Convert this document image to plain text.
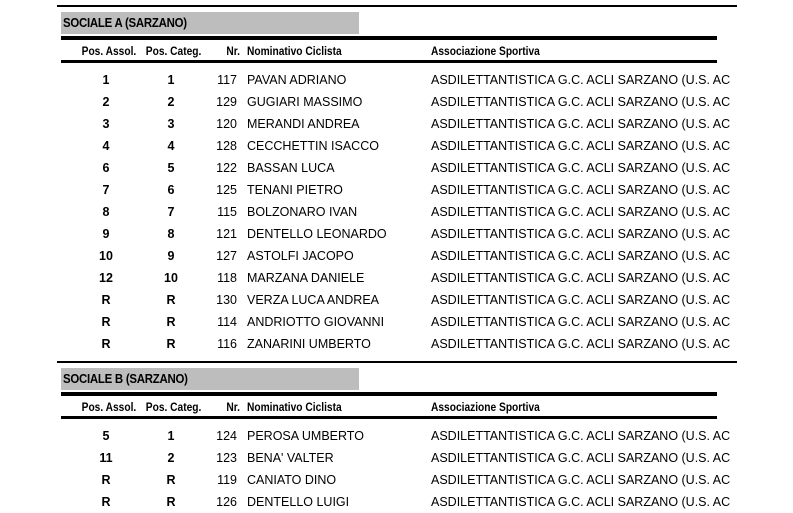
SOCIALE A (SARZANO)
Pos. Assol. Pos. Categ. Nr. Nominativo Ciclista	Associazione Sportiva
1	1	117 PAVAN ADRIANO	ASDILETTANTISTICA G.C. ACLI SARZANO (U.S. AC
2	2	129 GUGIARI MASSIMO	ASDILETTANTISTICA G.C. ACLI SARZANO (U.S. AC
3	3	120 MERANDI ANDREA	ASDILETTANTISTICA G.C. ACLI SARZANO (U.S. AC
4	4	128 CECCHETTIN ISACCO	ASDILETTANTISTICA G.C. ACLI SARZANO (U.S. AC
6	5	122 BASSAN LUCA	ASDILETTANTISTICA G.C. ACLI SARZANO (U.S. AC
7	6	125 TENANI PIETRO	ASDILETTANTISTICA G.C. ACLI SARZANO (U.S. AC
8	7	115 BOLZONARO IVAN	ASDILETTANTISTICA G.C. ACLI SARZANO (U.S. AC
9	8	121 DENTELLO LEONARDO	ASDILETTANTISTICA G.C. ACLI SARZANO (U.S. AC
10	9	127 ASTOLFI JACOPO	ASDILETTANTISTICA G.C. ACLI SARZANO (U.S. AC
12	10	118 MARZANA DANIELE	ASDILETTANTISTICA G.C. ACLI SARZANO (U.S. AC
R	R	130 VERZA LUCA ANDREA	ASDILETTANTISTICA G.C. ACLI SARZANO (U.S. AC
R	R	114 ANDRIOTTO GIOVANNI	ASDILETTANTISTICA G.C. ACLI SARZANO (U.S. AC
R	R	116 ZANARINI UMBERTO	ASDILETTANTISTICA G.C. ACLI SARZANO (U.S. AC
SOCIALE B (SARZANO)
Pos. Assol. Pos. Categ. Nr. Nominativo Ciclista	Associazione Sportiva
5	1	124 PEROSA UMBERTO	ASDILETTANTISTICA G.C. ACLI SARZANO (U.S. AC
11	2	123 BENA' VALTER	ASDILETTANTISTICA G.C. ACLI SARZANO (U.S. AC
R	R	119 CANIATO DINO	ASDILETTANTISTICA G.C. ACLI SARZANO (U.S. AC
R	R	126 DENTELLO LUIGI	ASDILETTANTISTICA G.C. ACLI SARZANO (U.S. AC
